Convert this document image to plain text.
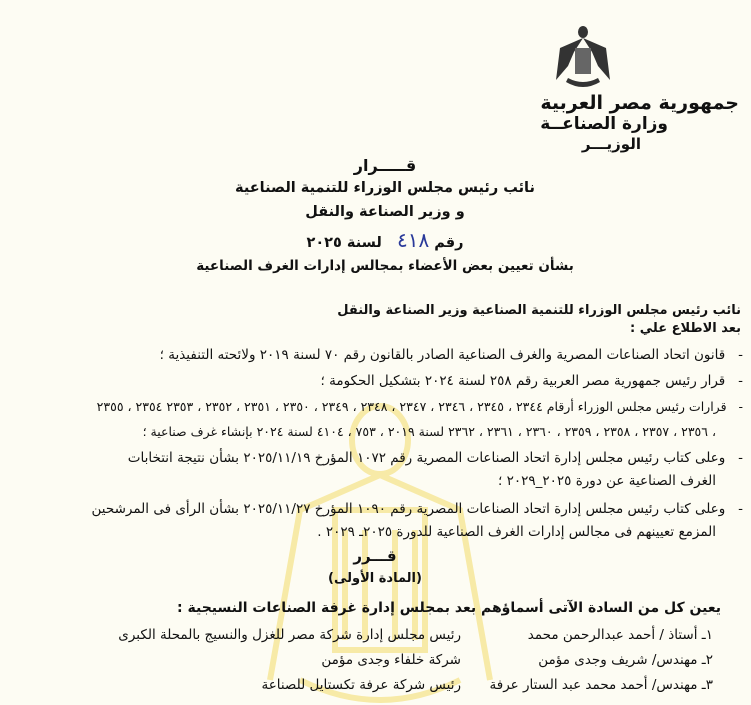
جمهورية مصر العربية
وزارة الصناعــة
الوزيـــر
قـــــرار
نائب رئيس مجلس الوزراء للتنمية الصناعية
و وزير الصناعة والنقل
رقم ٤١٨   لسنة ٢٠٢٥
بشأن تعيين بعض الأعضاء بمجالس إدارات الغرف الصناعية
نائب رئيس مجلس الوزراء للتنمية الصناعية وزير الصناعة والنقل
بعد الاطلاع علي :
-   قانون اتحاد الصناعات المصرية والغرف الصناعية الصادر بالقانون رقم ٧٠ لسنة ٢٠١٩ ولائحته التنفيذية ؛
-   قرار رئيس جمهورية مصر العربية رقم ٢٥٨ لسنة ٢٠٢٤ بتشكيل الحكومة ؛
-   قرارات رئيس مجلس الوزراء أرقام ٢٣٤٤ ، ٢٣٤٥ ، ٢٣٤٦ ، ٢٣٤٧ ، ٢٣٤٨ ، ٢٣٤٩ ، ٢٣٥٠ ، ٢٣٥١ ، ٢٣٥٢ ، ٢٣٥٣ ٢٣٥٤ ، ٢٣٥٥
، ٢٣٥٦ ، ٢٣٥٧ ، ٢٣٥٨ ، ٢٣٥٩ ، ٢٣٦٠ ، ٢٣٦١ ، ٢٣٦٢ لسنة ٢٠١٩ ، ٧٥٣ ، ٤١٠٤ لسنة ٢٠٢٤ بإنشاء غرف صناعية ؛
-   وعلى كتاب رئيس مجلس إدارة اتحاد الصناعات المصرية رقم ١٠٧٢ المؤرخ ٢٠٢٥/١١/١٩ بشأن نتيجة انتخابات
الغرف الصناعية عن دورة ٢٠٢٥_٢٠٢٩ ؛
-   وعلى كتاب رئيس مجلس إدارة اتحاد الصناعات المصرية رقم ١٠٩٠ المؤرخ ٢٠٢٥/١١/٢٧ بشأن الرأى فى المرشحين
المزمع تعيينهم فى مجالس إدارات الغرف الصناعية للدورة ٢٠٢٥ـ ٢٠٢٩ .
قـــرر
(المادة الأولى)
يعين كل من السادة الآتى أسماؤهم بعد بمجلس إدارة غرفة الصناعات النسيجية :
١ـ أستاذ / أحمد عبدالرحمن محمد
رئيس مجلس إدارة شركة مصر للغزل والنسيج بالمحلة الكبرى
٢ـ مهندس/ شريف وجدى مؤمن
شركة خلفاء وجدى مؤمن
٣ـ مهندس/ أحمد محمد عبد الستار عرفة
رئيس شركة عرفة تكستايل للصناعة
